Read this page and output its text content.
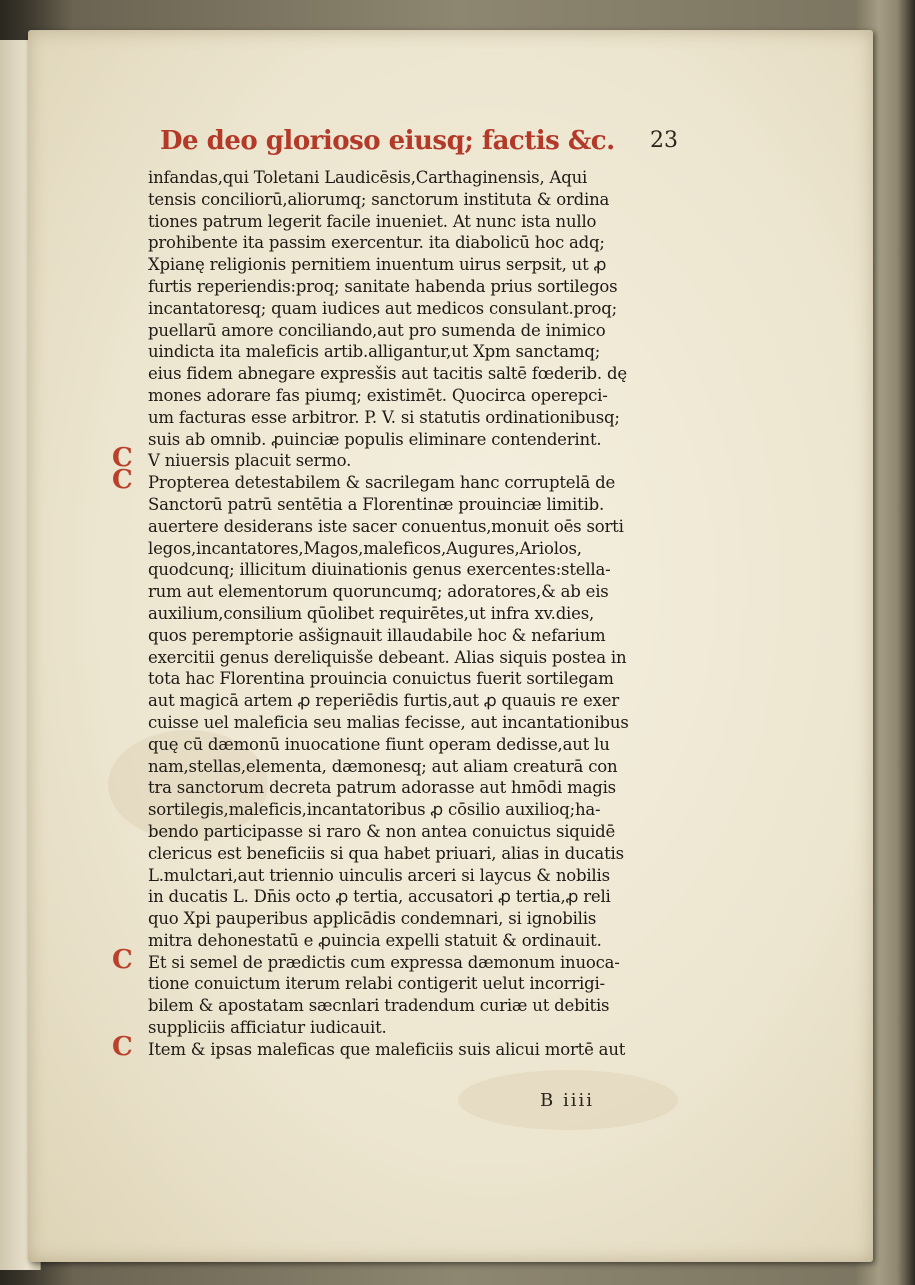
De deo glorioso eiusq; factis &c. 23
infandas,qui Toletani Laudicēsis,Carthaginensis, Aqui
tensis conciliorū,aliorumq; sanctorum instituta & ordina
tiones patrum legerit facile inueniet. At nunc ista nullo
prohibente ita passim exercentur. ita diabolicū hoc adq;
Xpianę religionis pernitiem inuentum uirus serpsit, ut ꝓ
furtis reperiendis:proq; sanitate habenda prius sortilegos
incantatoresq; quam iudices aut medicos consulant.proq;
puellarū amore conciliando,aut pro sumenda de inimico
uindicta ita maleficis artib.alligantur,ut Xpm sanctamq;
eius fidem abnegare expresšis aut tacitis saltē fœderib. dę
mones adorare fas piumq; existimēt. Quocirca operepci-
um facturas esse arbitror. P. V. si statutis ordinationibusq;
suis ab omnib. ꝓuinciæ populis eliminare contenderint.
C V niuersis placuit sermo.
C Propterea detestabilem & sacrilegam hanc corruptelā de
Sanctorū patrū sentētia a Florentinæ prouinciæ limitib.
auertere desiderans iste sacer conuentus,monuit oēs sorti
legos,incantatores,Magos,maleficos,Augures,Ariolos,
quodcunq; illicitum diuinationis genus exercentes:stella-
rum aut elementorum quoruncumq; adoratores,& ab eis
auxilium,consilium qūolibet requirētes,ut infra xv.dies,
quos peremptorie asšignauit illaudabile hoc & nefarium
exercitii genus dereliquisše debeant. Alias siquis postea in
tota hac Florentina prouincia conuictus fuerit sortilegam
aut magicā artem ꝓ reperiēdis furtis,aut ꝓ quauis re exer
cuisse uel maleficia seu malias fecisse, aut incantationibus
quę cū dæmonū inuocatione fiunt operam dedisse,aut lu
nam,stellas,elementa, dæmonesq; aut aliam creaturā con
tra sanctorum decreta patrum adorasse aut hmōdi magis
sortilegis,maleficis,incantatoribus ꝓ cōsilio auxilioq;ha-
bendo participasse si raro & non antea conuictus siquidē
clericus est beneficiis si qua habet priuari, alias in ducatis
L.mulctari,aut triennio uinculis arceri si laycus & nobilis
in ducatis L. Dn̄is octo ꝓ tertia, accusatori ꝓ tertia,ꝓ reli
quo Xpi pauperibus applicādis condemnari, si ignobilis
mitra dehonestatū e ꝓuincia expelli statuit & ordinauit.
C Et si semel de prædictis cum expressa dæmonum inuoca-
tione conuictum iterum relabi contigerit uelut incorrigi-
bilem & apostatam sæcnlari tradendum curiæ ut debitis
suppliciis afficiatur iudicauit.
C Item & ipsas maleficas que maleficiis suis alicui mortē aut
B iiii
